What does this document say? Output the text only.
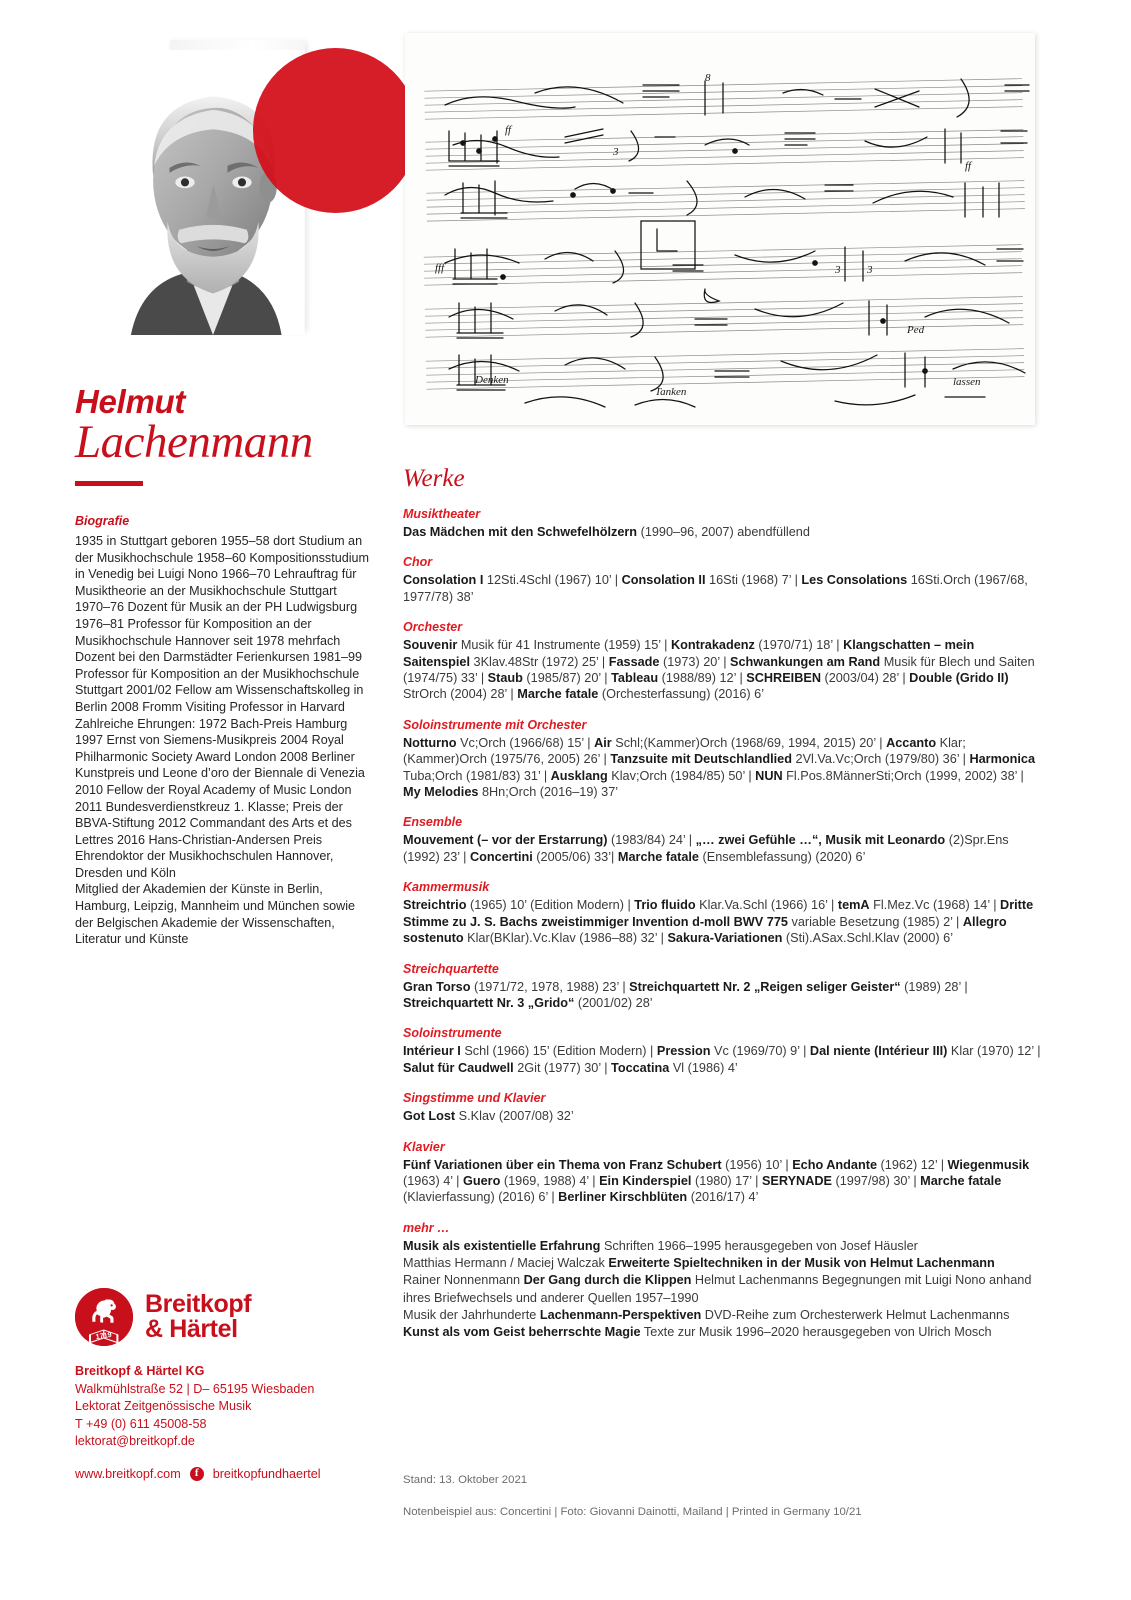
8
ff
3
ff
Ped
3 3
fff
Denken
Tanken
lassen
Helmut
Lachenmann
Biografie

1935 in Stuttgart geboren 1955–58 dort Studium an der Musikhochschule 1958–60 Kompositionsstudium in Venedig bei Luigi Nono 1966–70 Lehrauftrag für Musiktheorie an der Musikhochschule Stuttgart 1970–76 Dozent für Musik an der PH Ludwigsburg 1976–81 Professor für Komposition an der Musikhochschule Hannover seit 1978 mehrfach Dozent bei den Darmstädter Ferienkursen 1981–99 Professor für Komposition an der Musikhochschule Stuttgart 2001/02 Fellow am Wissenschaftskolleg in Berlin 2008 Fromm Visiting Professor in Harvard

Zahlreiche Ehrungen: 1972 Bach-Preis Hamburg 1997 Ernst von Siemens-Musikpreis 2004 Royal Philharmonic Society Award London 2008 Berliner Kunstpreis und Leone d’oro der Biennale di Venezia 2010 Fellow der Royal Academy of Music London 2011 Bundesverdienstkreuz 1. Klasse; Preis der BBVA-Stiftung 2012 Commandant des Arts et des Lettres 2016 Hans-Christian-Andersen Preis

Ehrendoktor der Musikhochschulen Hannover, Dresden und Köln

Mitglied der Akademien der Künste in Berlin, Hamburg, Leipzig, Mannheim und München sowie der Belgischen Akademie der Wissenschaften, Literatur und Künste

1719
Breitkopf
& Härtel
Breitkopf & Härtel KG
Walkmühlstraße 52 | D– 65195 Wiesbaden
Lektorat Zeitgenössische Musik
T +49 (0) 611 45008-58
lektorat@breitkopf.de
www.breitkopf.com	f	breitkopfundhaertel
Werke
Musiktheater
Das Mädchen mit den Schwefelhölzern (1990–96, 2007) abendfüllend
Chor
Consolation I 12Sti.4Schl (1967) 10’ | Consolation II 16Sti (1968) 7’ | Les Consolations 16Sti.Orch (1967/68, 1977/78) 38’
Orchester
Souvenir Musik für 41 Instrumente (1959) 15’ | Kontrakadenz (1970/71) 18’ | Klangschatten – mein Saitenspiel 3Klav.48Str (1972) 25’ | Fassade (1973) 20’ | Schwankungen am Rand Musik für Blech und Saiten (1974/75) 33’ | Staub (1985/87) 20’ | Tableau (1988/89) 12’ | SCHREIBEN (2003/04) 28’ | Double (Grido II) StrOrch (2004) 28’ | Marche fatale (Orchesterfassung) (2016) 6’
Soloinstrumente mit Orchester
Notturno Vc;Orch (1966/68) 15’ | Air Schl;(Kammer)Orch (1968/69, 1994, 2015) 20’ | Accanto Klar;(Kammer)Orch (1975/76, 2005) 26’ | Tanzsuite mit Deutschlandlied 2Vl.Va.Vc;Orch (1979/80) 36’ | Harmonica Tuba;Orch (1981/83) 31’ | Ausklang Klav;Orch (1984/85) 50’ | NUN Fl.Pos.8MännerSti;Orch (1999, 2002) 38’ | My Melodies 8Hn;Orch (2016–19) 37’
Ensemble
Mouvement (– vor der Erstarrung) (1983/84) 24’ | „… zwei Gefühle …“, Musik mit Leonardo (2)Spr.Ens (1992) 23’ | Concertini (2005/06) 33’| Marche fatale (Ensemblefassung) (2020) 6’
Kammermusik
Streichtrio (1965) 10’ (Edition Modern) | Trio fluido Klar.Va.Schl (1966) 16’ | temA Fl.Mez.Vc (1968) 14’ | Dritte Stimme zu J. S. Bachs zweistimmiger Invention d-moll BWV 775 variable Besetzung (1985) 2’ | Allegro sostenuto Klar(BKlar).Vc.Klav (1986–88) 32’ | Sakura-Variationen (Sti).ASax.Schl.Klav (2000) 6’
Streichquartette
Gran Torso (1971/72, 1978, 1988) 23’ | Streichquartett Nr. 2 „Reigen seliger Geister“ (1989) 28’ | Streichquartett Nr. 3 „Grido“ (2001/02) 28’
Soloinstrumente
Intérieur I Schl (1966) 15’ (Edition Modern) | Pression Vc (1969/70) 9’ | Dal niente (Intérieur III) Klar (1970) 12’ | Salut für Caudwell 2Git (1977) 30’ | Toccatina Vl (1986) 4’
Singstimme und Klavier
Got Lost S.Klav (2007/08) 32’
Klavier
Fünf Variationen über ein Thema von Franz Schubert (1956) 10’ | Echo Andante (1962) 12’ | Wiegenmusik (1963) 4’ | Guero (1969, 1988) 4’ | Ein Kinderspiel (1980) 17’ | SERYNADE (1997/98) 30’ | Marche fatale (Klavierfassung) (2016) 6’ | Berliner Kirschblüten (2016/17) 4’
mehr …
Musik als existentielle Erfahrung Schriften 1966–1995 herausgegeben von Josef Häusler
Matthias Hermann / Maciej Walczak Erweiterte Spieltechniken in der Musik von Helmut Lachenmann
Rainer Nonnenmann Der Gang durch die Klippen Helmut Lachenmanns Begegnungen mit Luigi Nono anhand ihres Briefwechsels und anderer Quellen 1957–1990
Musik der Jahrhunderte Lachenmann-Perspektiven DVD-Reihe zum Orchesterwerk Helmut Lachenmanns
Kunst als vom Geist beherrschte Magie Texte zur Musik 1996–2020 herausgegeben von Ulrich Mosch
Stand: 13. Oktober 2021
Notenbeispiel aus: Concertini | Foto: Giovanni Dainotti, Mailand | Printed in Germany 10/21
